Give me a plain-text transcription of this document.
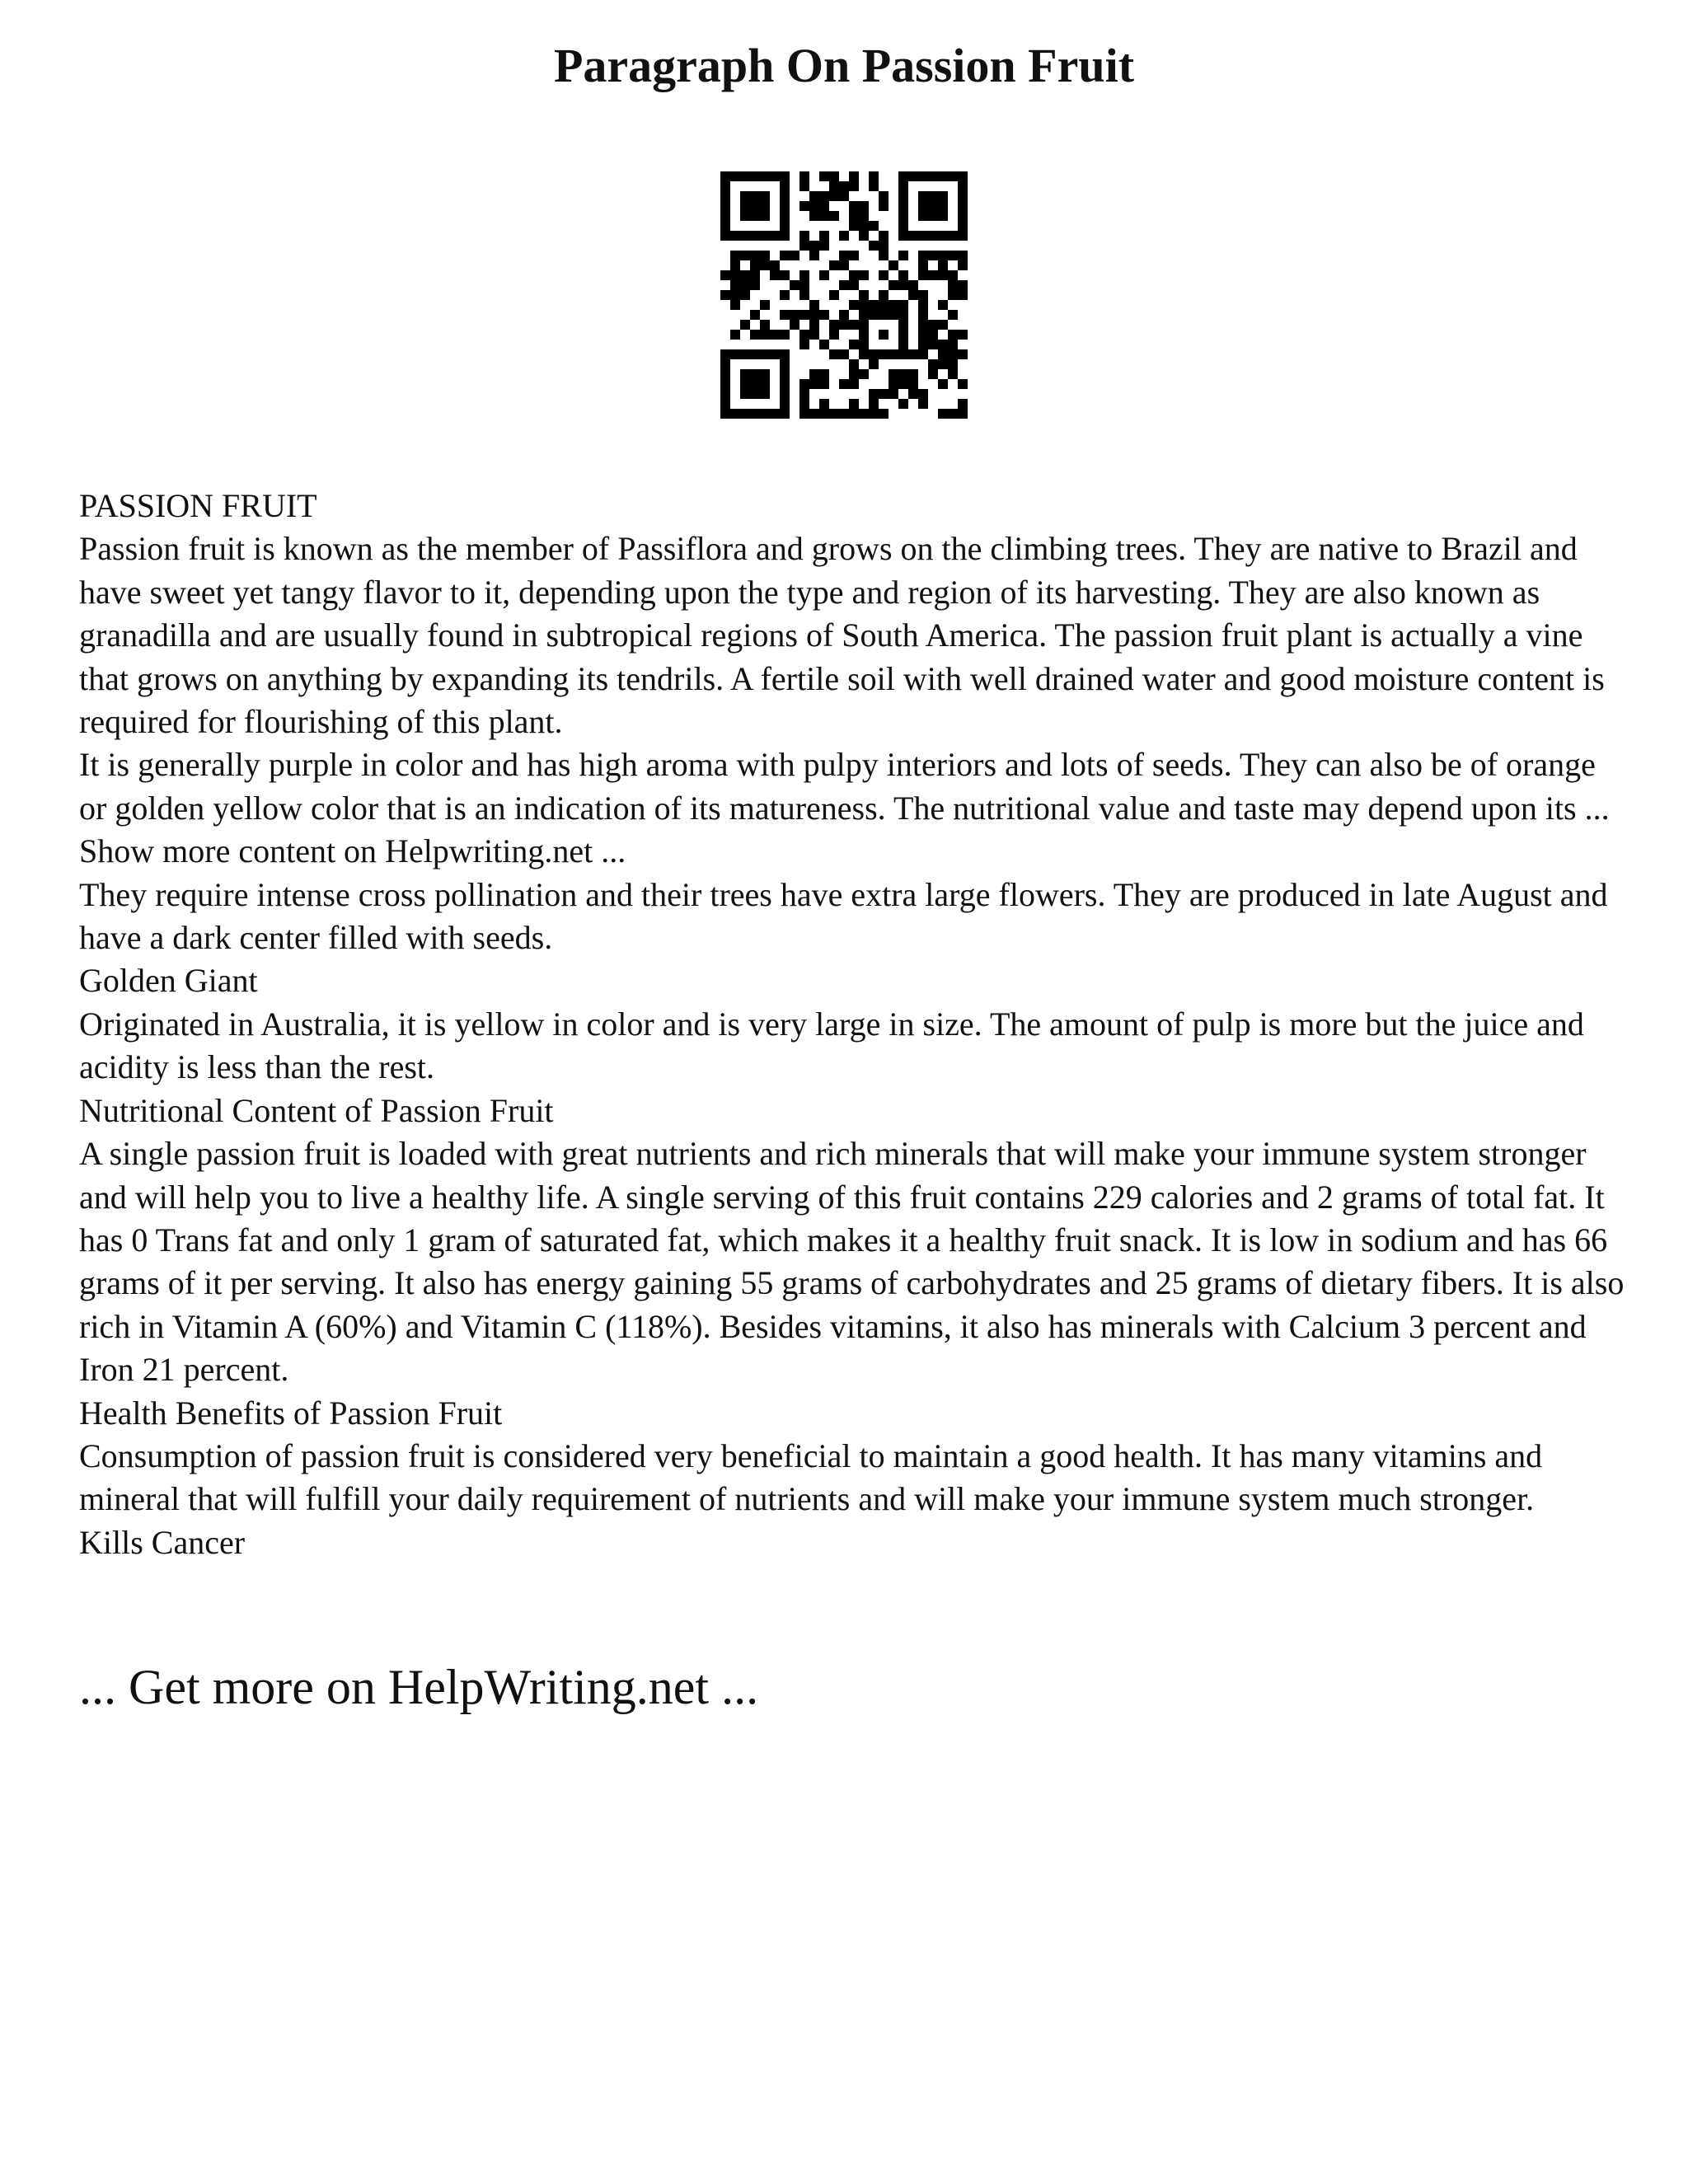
Paragraph On Passion Fruit

PASSION FRUIT

Passion fruit is known as the member of Passiflora and grows on the climbing trees. They are native to Brazil and have sweet yet tangy flavor to it, depending upon the type and region of its harvesting. They are also known as granadilla and are usually found in subtropical regions of South America. The passion fruit plant is actually a vine that grows on anything by expanding its tendrils. A fertile soil with well drained water and good moisture content is required for flourishing of this plant.

It is generally purple in color and has high aroma with pulpy interiors and lots of seeds. They can also be of orange or golden yellow color that is an indication of its matureness. The nutritional value and taste may depend upon its ... Show more content on Helpwriting.net ...

They require intense cross pollination and their trees have extra large flowers. They are produced in late August and have a dark center filled with seeds.

Golden Giant

Originated in Australia, it is yellow in color and is very large in size. The amount of pulp is more but the juice and acidity is less than the rest.

Nutritional Content of Passion Fruit

A single passion fruit is loaded with great nutrients and rich minerals that will make your immune system stronger and will help you to live a healthy life. A single serving of this fruit contains 229 calories and 2 grams of total fat. It has 0 Trans fat and only 1 gram of saturated fat, which makes it a healthy fruit snack. It is low in sodium and has 66 grams of it per serving. It also has energy gaining 55 grams of carbohydrates and 25 grams of dietary fibers. It is also rich in Vitamin A (60%) and Vitamin C (118%). Besides vitamins, it also has minerals with Calcium 3 percent and Iron 21 percent.

Health Benefits of Passion Fruit

Consumption of passion fruit is considered very beneficial to maintain a good health. It has many vitamins and mineral that will fulfill your daily requirement of nutrients and will make your immune system much stronger.

Kills Cancer

... Get more on HelpWriting.net ...
